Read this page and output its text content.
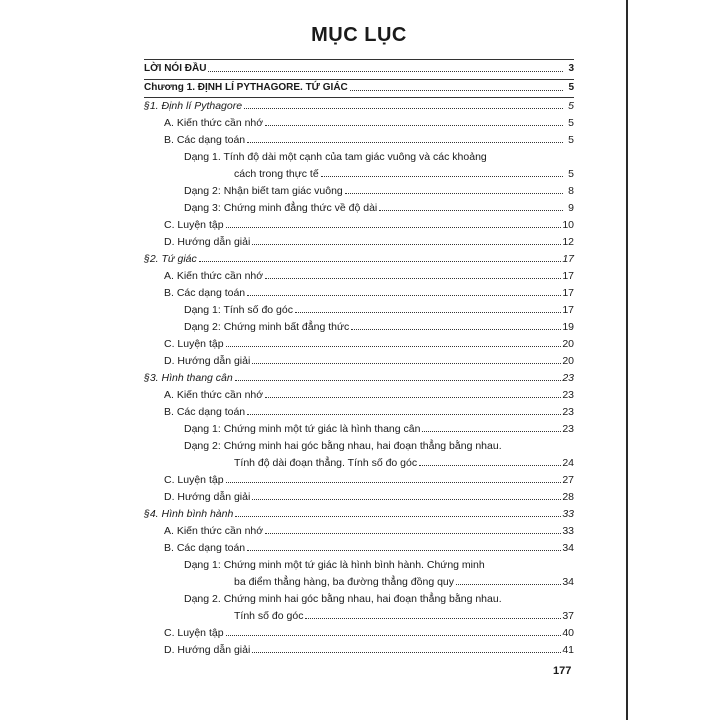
MỤC LỤC
LỜI NÓI ĐẦU	3
Chương 1. ĐỊNH LÍ PYTHAGORE. TỨ GIÁC	5
§1. Định lí Pythagore	5
A. Kiến thức cần nhớ	5
B. Các dạng toán	5
Dạng 1. Tính độ dài một cạnh của tam giác vuông và các khoảng
cách trong thực tế	5
Dạng 2: Nhận biết tam giác vuông	8
Dạng 3: Chứng minh đẳng thức về độ dài	9
C. Luyện tập	10
D. Hướng dẫn giải	12
§2. Tứ giác	17
A. Kiến thức cần nhớ	17
B. Các dạng toán	17
Dạng 1: Tính số đo góc	17
Dạng 2: Chứng minh bất đẳng thức	19
C. Luyện tập	20
D. Hướng dẫn giải	20
§3. Hình thang cân	23
A. Kiến thức cần nhớ	23
B. Các dạng toán	23
Dạng 1: Chứng minh một tứ giác là hình thang cân	23
Dạng 2: Chứng minh hai góc bằng nhau, hai đoạn thẳng bằng nhau.
Tính độ dài đoạn thẳng. Tính số đo góc	24
C. Luyện tập	27
D. Hướng dẫn giải	28
§4. Hình bình hành	33
A. Kiến thức cần nhớ	33
B. Các dạng toán	34
Dạng 1: Chứng minh một tứ giác là hình bình hành. Chứng minh
ba điểm thẳng hàng, ba đường thẳng đồng quy	34
Dạng 2. Chứng minh hai góc bằng nhau, hai đoạn thẳng bằng nhau.
Tính số đo góc	37
C. Luyện tập	40
D. Hướng dẫn giải	41
177
